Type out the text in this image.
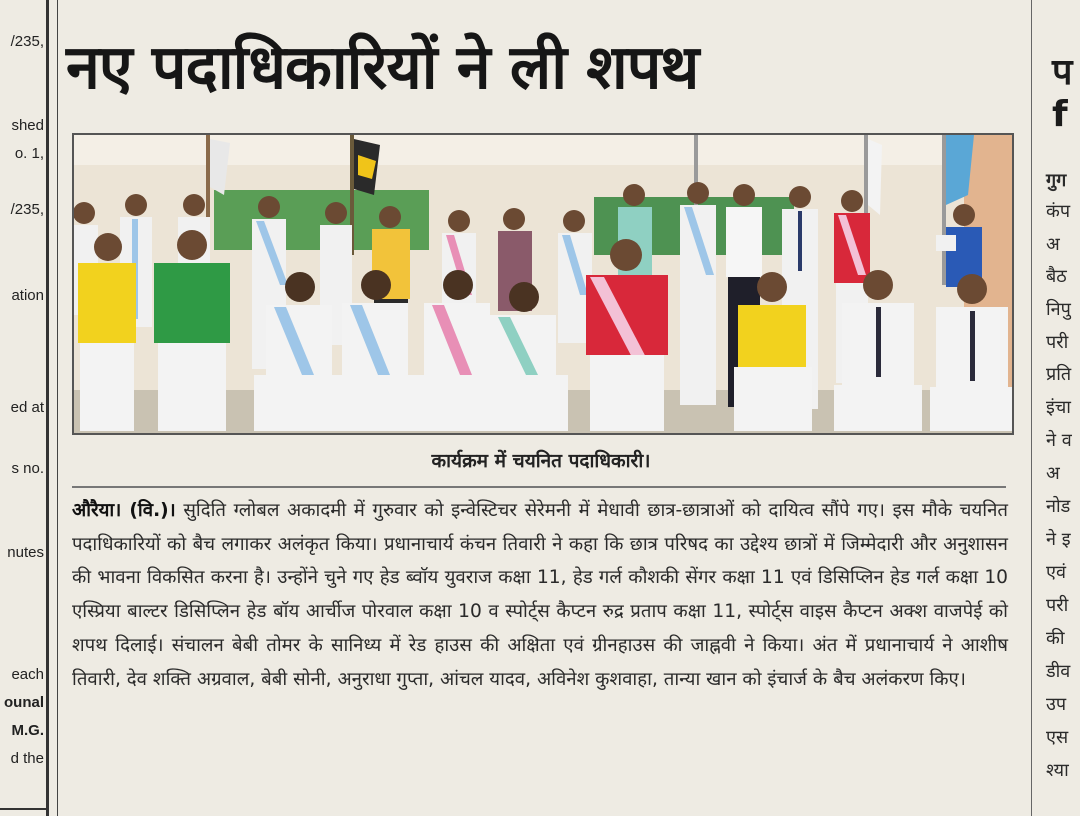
/235,
shed
o. 1,
/235,
ation
ed at
s no.
nutes
each
ounal
M.G.
d the
नए पदाधिकारियों ने ली शपथ
कार्यक्रम में चयनित पदाधिकारी।
औरैया। (वि.)। सुदिति ग्लोबल अकादमी में गुरुवार को इन्वेस्टिचर सेरेमनी में मेधावी छात्र-छात्राओं को दायित्व सौंपे गए। इस मौके चयनित पदाधिकारियों को बैच लगाकर अलंकृत किया। प्रधानाचार्य कंचन तिवारी ने कहा कि छात्र परिषद का उद्देश्य छात्रों में जिम्मेदारी और अनुशासन की भावना विकसित करना है। उन्होंने चुने गए हेड ब्वॉय युवराज कक्षा 11, हेड गर्ल कौशकी सेंगर कक्षा 11 एवं डिसिप्लिन हेड गर्ल कक्षा 10 एस्प्रिया बाल्टर डिसिप्लिन हेड बॉय आर्चीज पोरवाल कक्षा 10 व स्पोर्ट्स कैप्टन रुद्र प्रताप कक्षा 11, स्पोर्ट्स वाइस कैप्टन अक्श वाजपेई को शपथ दिलाई। संचालन बेबी तोमर के सानिध्य में रेड हाउस की अक्षिता एवं ग्रीनहाउस की जाह्नवी ने किया। अंत में प्रधानाचार्य ने आशीष तिवारी, देव शक्ति अग्रवाल, बेबी सोनी, अनुराधा गुप्ता, आंचल यादव, अविनेश कुशवाहा, तान्या खान को इंचार्ज के बैच अलंकरण किए।
प
f
गुग
कंप
अ
बैठ
निपु
परी
प्रति
इंचा
ने व
अ
नोड
ने इ
एवं
परी
की
डीव
उप
एस
श्या
